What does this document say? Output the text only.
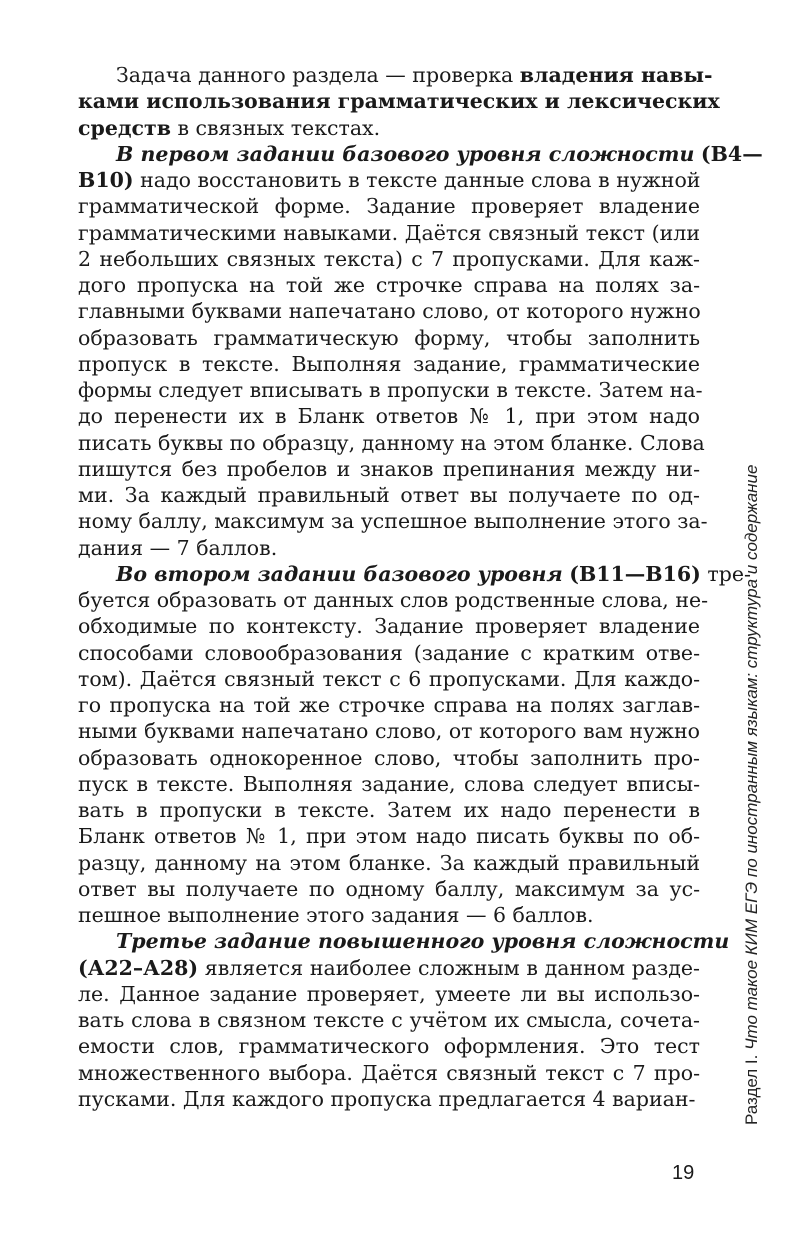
Задача данного раздела — проверка владения навы-
ками использования грамматических и лексических
средств в связных текстах.
В первом задании базового уровня сложности (В4—
В10) надо восстановить в тексте данные слова в нужной
грамматической форме. Задание проверяет владение
грамматическими навыками. Даётся связный текст (или
2 небольших связных текста) с 7 пропусками. Для каж-
дого пропуска на той же строчке справа на полях за-
главными буквами напечатано слово, от которого нужно
образовать грамматическую форму, чтобы заполнить
пропуск в тексте. Выполняя задание, грамматические
формы следует вписывать в пропуски в тексте. Затем на-
до перенести их в Бланк ответов № 1, при этом надо
писать буквы по образцу, данному на этом бланке. Слова
пишутся без пробелов и знаков препинания между ни-
ми. За каждый правильный ответ вы получаете по од-
ному баллу, максимум за успешное выполнение этого за-
дания — 7 баллов.
Во втором задании базового уровня (В11—В16) тре-
буется образовать от данных слов родственные слова, не-
обходимые по контексту. Задание проверяет владение
способами словообразования (задание с кратким отве-
том). Даётся связный текст с 6 пропусками. Для каждо-
го пропуска на той же строчке справа на полях заглав-
ными буквами напечатано слово, от которого вам нужно
образовать однокоренное слово, чтобы заполнить про-
пуск в тексте. Выполняя задание, слова следует вписы-
вать в пропуски в тексте. Затем их надо перенести в
Бланк ответов № 1, при этом надо писать буквы по об-
разцу, данному на этом бланке. За каждый правильный
ответ вы получаете по одному баллу, максимум за ус-
пешное выполнение этого задания — 6 баллов.
Третье задание повышенного уровня сложности
(А22–А28) является наиболее сложным в данном разде-
ле. Данное задание проверяет, умеете ли вы использо-
вать слова в связном тексте с учётом их смысла, сочета-
емости слов, грамматического оформления. Это тест
множественного выбора. Даётся связный текст с 7 про-
пусками. Для каждого пропуска предлагается 4 вариан-	Раздел I. Что такое КИМ ЕГЭ по иностранным языкам: структура и содержание
19
